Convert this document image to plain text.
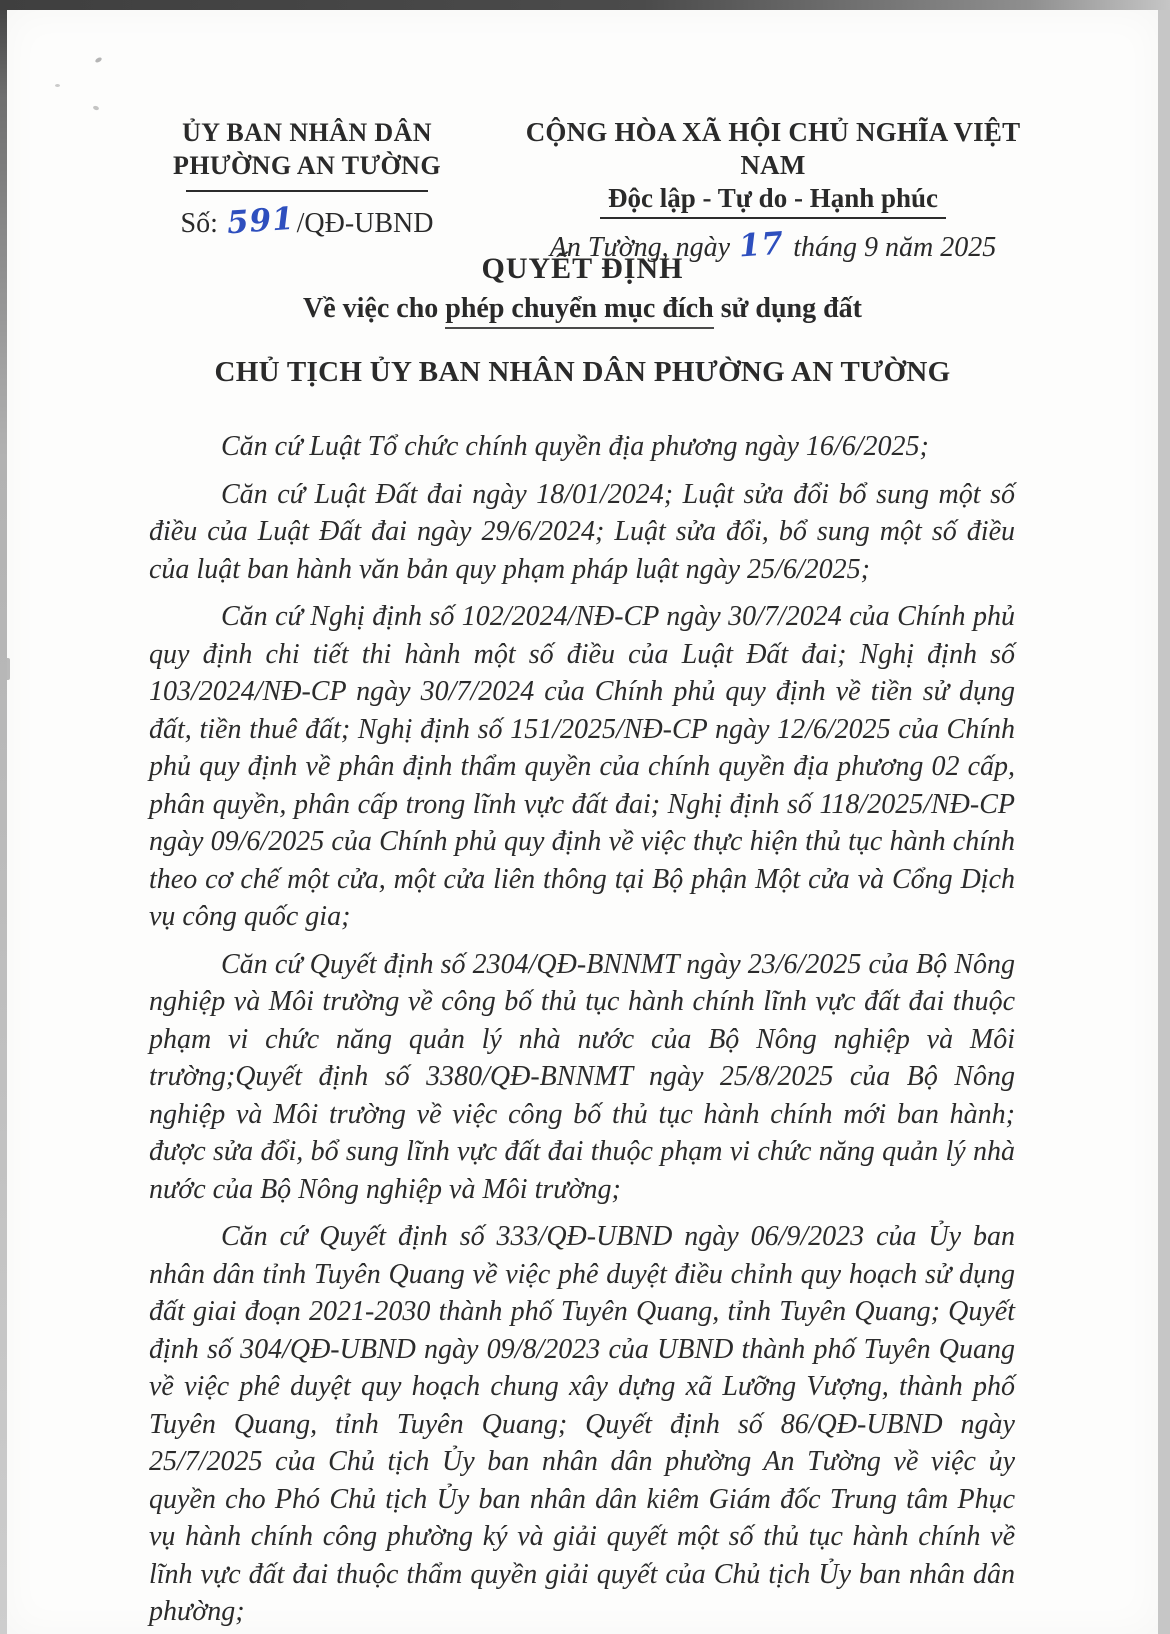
ỦY BAN NHÂN DÂN
PHƯỜNG AN TƯỜNG
Số: 591/QĐ-UBND
CỘNG HÒA XÃ HỘI CHỦ NGHĨA VIỆT NAM
Độc lập - Tự do - Hạnh phúc
An Tường, ngày 17 tháng 9 năm 2025
QUYẾT ĐỊNH
Về việc cho phép chuyển mục đích sử dụng đất
CHỦ TỊCH ỦY BAN NHÂN DÂN PHƯỜNG AN TƯỜNG

Căn cứ Luật Tổ chức chính quyền địa phương ngày 16/6/2025;

Căn cứ Luật Đất đai ngày 18/01/2024; Luật sửa đổi bổ sung một số điều của Luật Đất đai ngày 29/6/2024; Luật sửa đổi, bổ sung một số điều của luật ban hành văn bản quy phạm pháp luật ngày 25/6/2025;

Căn cứ Nghị định số 102/2024/NĐ-CP ngày 30/7/2024 của Chính phủ quy định chi tiết thi hành một số điều của Luật Đất đai; Nghị định số 103/2024/NĐ-CP ngày 30/7/2024 của Chính phủ quy định về tiền sử dụng đất, tiền thuê đất; Nghị định số 151/2025/NĐ-CP ngày 12/6/2025 của Chính phủ quy định về phân định thẩm quyền của chính quyền địa phương 02 cấp, phân quyền, phân cấp trong lĩnh vực đất đai; Nghị định số 118/2025/NĐ-CP ngày 09/6/2025 của Chính phủ quy định về việc thực hiện thủ tục hành chính theo cơ chế một cửa, một cửa liên thông tại Bộ phận Một cửa và Cổng Dịch vụ công quốc gia;

Căn cứ Quyết định số 2304/QĐ-BNNMT ngày 23/6/2025 của Bộ Nông nghiệp và Môi trường về công bố thủ tục hành chính lĩnh vực đất đai thuộc phạm vi chức năng quản lý nhà nước của Bộ Nông nghiệp và Môi trường;Quyết định số 3380/QĐ-BNNMT ngày 25/8/2025 của Bộ Nông nghiệp và Môi trường về việc công bố thủ tục hành chính mới ban hành; được sửa đổi, bổ sung lĩnh vực đất đai thuộc phạm vi chức năng quản lý nhà nước của Bộ Nông nghiệp và Môi trường;

Căn cứ Quyết định số 333/QĐ-UBND ngày 06/9/2023 của Ủy ban nhân dân tỉnh Tuyên Quang về việc phê duyệt điều chỉnh quy hoạch sử dụng đất giai đoạn 2021-2030 thành phố Tuyên Quang, tỉnh Tuyên Quang; Quyết định số 304/QĐ-UBND ngày 09/8/2023 của UBND thành phố Tuyên Quang về việc phê duyệt quy hoạch chung xây dựng xã Lưỡng Vượng, thành phố Tuyên Quang, tỉnh Tuyên Quang; Quyết định số 86/QĐ-UBND ngày 25/7/2025 của Chủ tịch Ủy ban nhân dân phường An Tường về việc ủy quyền cho Phó Chủ tịch Ủy ban nhân dân kiêm Giám đốc Trung tâm Phục vụ hành chính công phường ký và giải quyết một số thủ tục hành chính về lĩnh vực đất đai thuộc thẩm quyền giải quyết của Chủ tịch Ủy ban nhân dân phường;
